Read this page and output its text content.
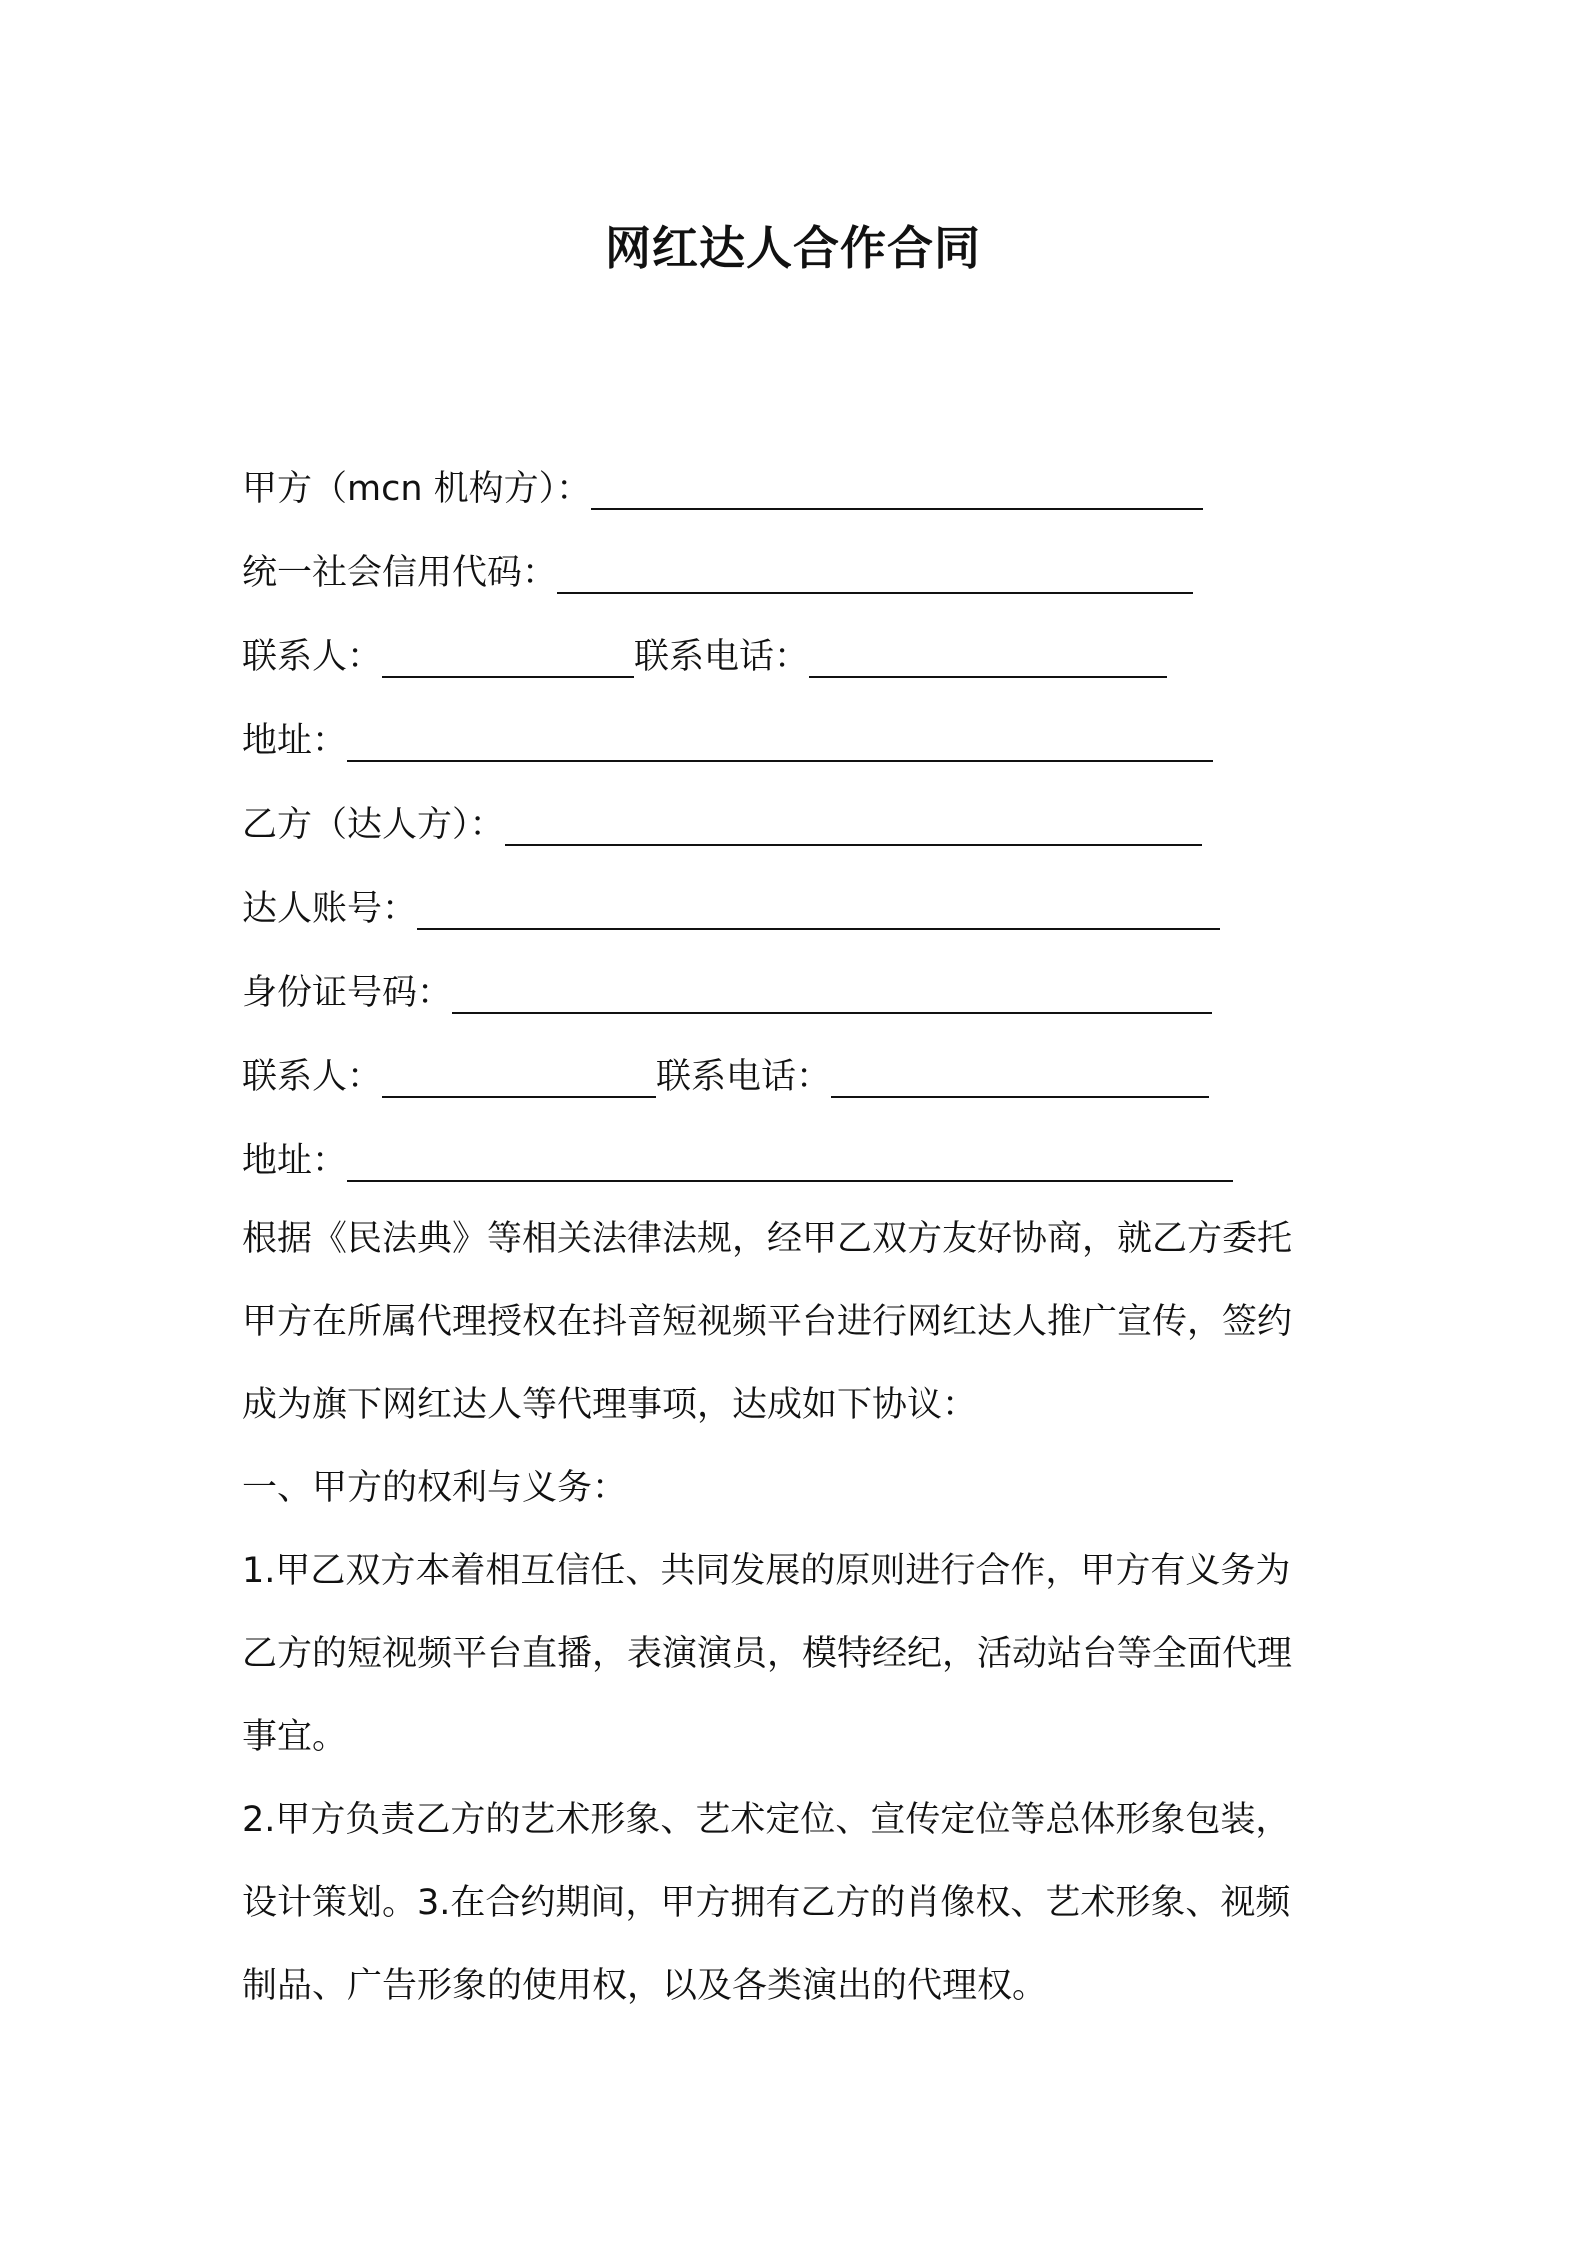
网红达人合作合同
甲方（mcn 机构方）：
统一社会信用代码：
联系人：	联系电话：
地址：
乙方（达人方）：
达人账号：
身份证号码：
联系人：	联系电话：
地址：

根据《民法典》等相关法律法规，经甲乙双方友好协商，就乙方委托

甲方在所属代理授权在抖音短视频平台进行网红达人推广宣传，签约

成为旗下网红达人等代理事项，达成如下协议：

一、甲方的权利与义务：

1.甲乙双方本着相互信任、共同发展的原则进行合作，甲方有义务为

乙方的短视频平台直播，表演演员，模特经纪，活动站台等全面代理

事宜。

2.甲方负责乙方的艺术形象、艺术定位、宣传定位等总体形象包装，

设计策划。3.在合约期间，甲方拥有乙方的肖像权、艺术形象、视频

制品、广告形象的使用权，以及各类演出的代理权。
